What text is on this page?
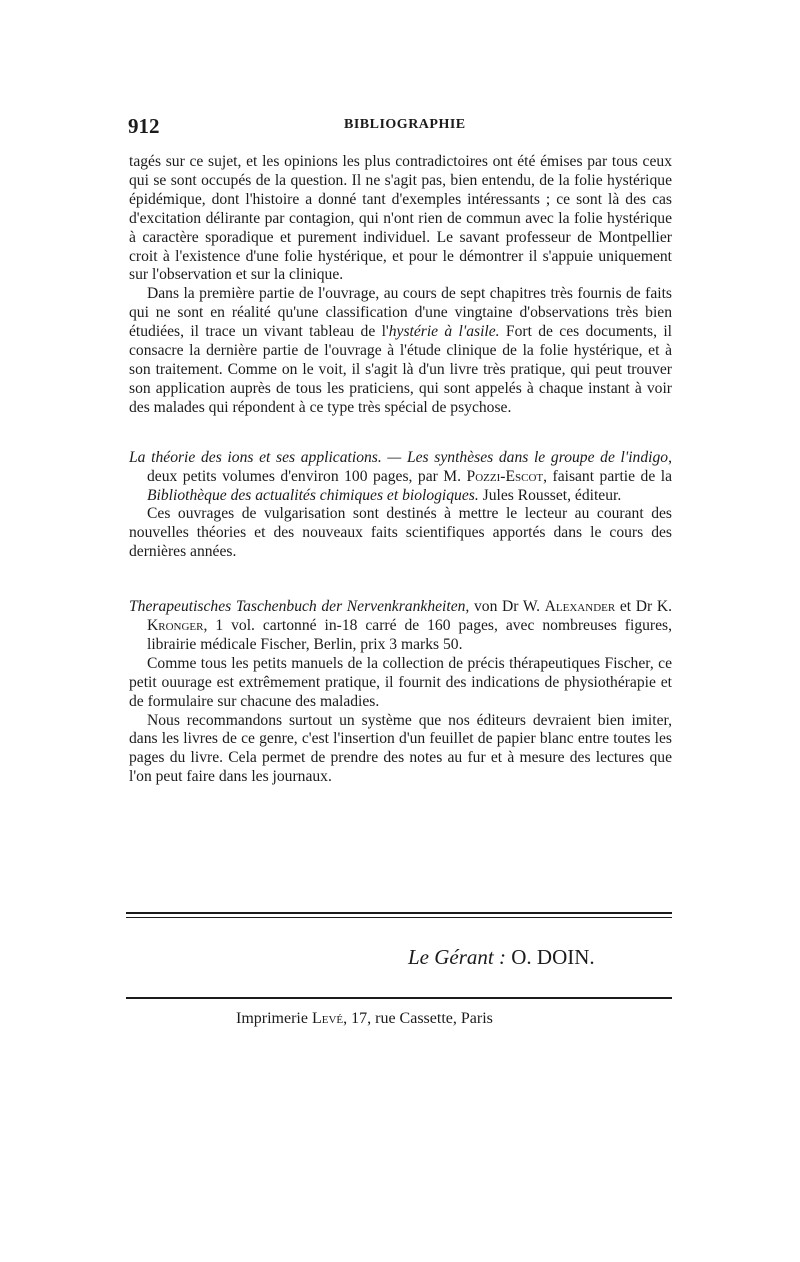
912	BIBLIOGRAPHIE

tagés sur ce sujet, et les opinions les plus contradictoires ont été émises par tous ceux qui se sont occupés de la question. Il ne s'agit pas, bien entendu, de la folie hystérique épidémique, dont l'histoire a donné tant d'exemples intéressants ; ce sont là des cas d'excitation délirante par contagion, qui n'ont rien de commun avec la folie hystérique à caractère sporadique et purement individuel. Le savant professeur de Montpellier croit à l'existence d'une folie hystérique, et pour le démontrer il s'appuie uniquement sur l'observation et sur la clinique.

Dans la première partie de l'ouvrage, au cours de sept chapitres très fournis de faits qui ne sont en réalité qu'une classification d'une vingtaine d'observations très bien étudiées, il trace un vivant tableau de l'hystérie à l'asile. Fort de ces documents, il consacre la dernière partie de l'ouvrage à l'étude clinique de la folie hystérique, et à son traitement. Comme on le voit, il s'agit là d'un livre très pratique, qui peut trouver son application auprès de tous les praticiens, qui sont appelés à chaque instant à voir des malades qui répondent à ce type très spécial de psychose.

La théorie des ions et ses applications. — Les synthèses dans le groupe de l'indigo, deux petits volumes d'environ 100 pages, par M. Pozzi-Escot, faisant partie de la Bibliothèque des actualités chimiques et biologiques. Jules Rousset, éditeur.

Ces ouvrages de vulgarisation sont destinés à mettre le lecteur au courant des nouvelles théories et des nouveaux faits scientifiques apportés dans le cours des dernières années.

Therapeutisches Taschenbuch der Nervenkrankheiten, von Dr W. Alexander et Dr K. Kronger, 1 vol. cartonné in-18 carré de 160 pages, avec nombreuses figures, librairie médicale Fischer, Berlin, prix 3 marks 50.

Comme tous les petits manuels de la collection de précis thérapeutiques Fischer, ce petit ouurage est extrêmement pratique, il fournit des indications de physiothérapie et de formulaire sur chacune des maladies.

Nous recommandons surtout un système que nos éditeurs devraient bien imiter, dans les livres de ce genre, c'est l'insertion d'un feuillet de papier blanc entre toutes les pages du livre. Cela permet de prendre des notes au fur et à mesure des lectures que l'on peut faire dans les journaux.

Le Gérant : O. DOIN.
Imprimerie Levé, 17, rue Cassette, Paris
